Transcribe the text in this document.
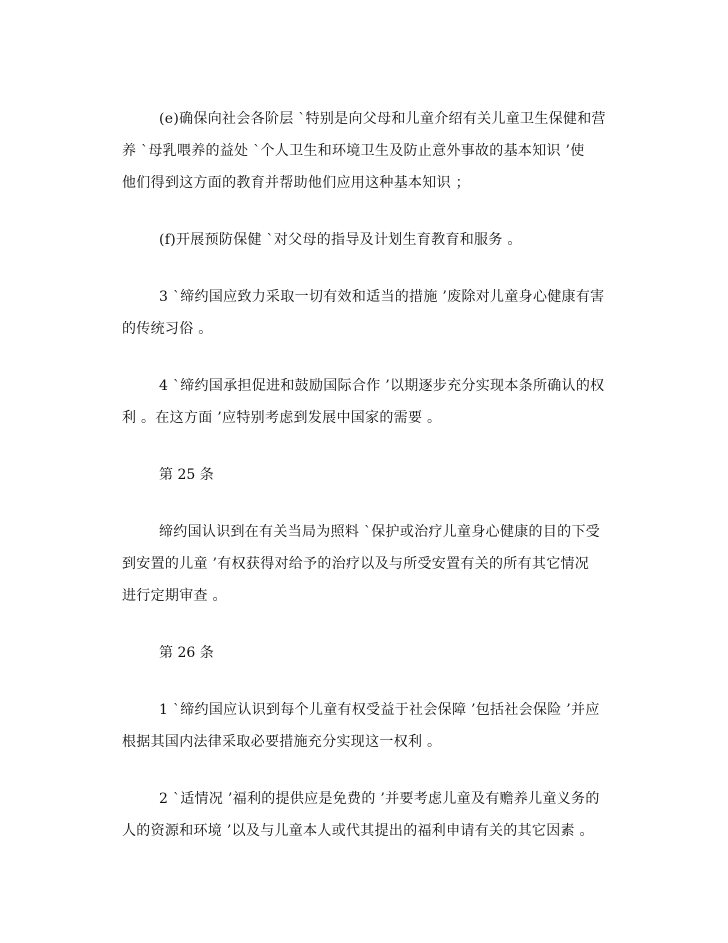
(e)确保向社会各阶层 `特别是向父母和儿童介绍有关儿童卫生保健和营
养 `母乳喂养的益处 `个人卫生和环境卫生及防止意外事故的基本知识 ’使
他们得到这方面的教育并帮助他们应用这种基本知识 ；

(f)开展预防保健 `对父母的指导及计划生育教育和服务 。

3 `缔约国应致力采取一切有效和适当的措施 ’废除对儿童身心健康有害
的传统习俗 。

4 `缔约国承担促进和鼓励国际合作 ’以期逐步充分实现本条所确认的权
利 。在这方面 ’应特别考虑到发展中国家的需要 。

第 25 条

缔约国认识到在有关当局为照料 `保护或治疗儿童身心健康的目的下受
到安置的儿童 ’有权获得对给予的治疗以及与所受安置有关的所有其它情况
进行定期审查 。

第 26 条

1 `缔约国应认识到每个儿童有权受益于社会保障 ’包括社会保险 ’并应
根据其国内法律采取必要措施充分实现这一权利 。

2 `适情况 ’福利的提供应是免费的 ’并要考虑儿童及有赡养儿童义务的
人的资源和环境 ’以及与儿童本人或代其提出的福利申请有关的其它因素 。
